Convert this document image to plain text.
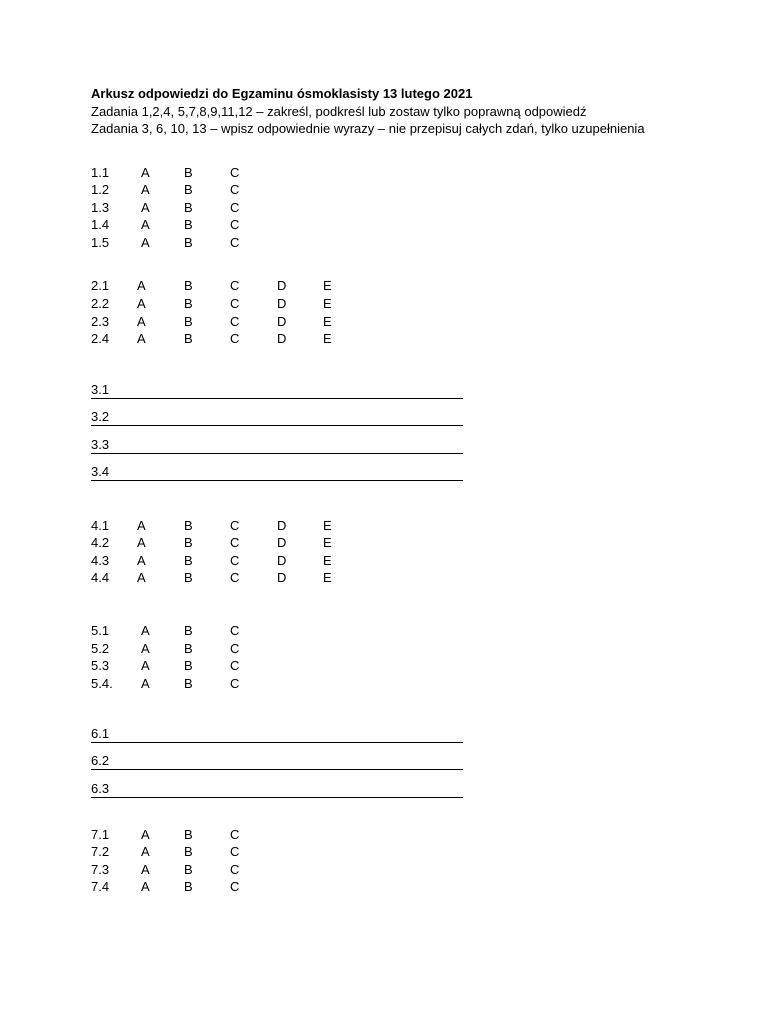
Arkusz odpowiedzi do Egzaminu ósmoklasisty 13 lutego 2021
Zadania 1,2,4, 5,7,8,9,11,12 – zakreśl, podkreśl lub zostaw tylko poprawną odpowiedź
Zadania 3, 6, 10, 13 – wpisz odpowiednie wyrazy – nie przepisuj całych zdań, tylko uzupełnienia
1.1 A	B	C
1.2 A	B	C
1.3 A	B	C
1.4 A	B	C
1.5 A	B	C
2.1 A	B	C	D	E
2.2 A	B	C	D	E
2.3 A	B	C	D	E
2.4 A	B	C	D	E
3.1
3.2
3.3
3.4
4.1 A	B	C	D	E
4.2 A	B	C	D	E
4.3 A	B	C	D	E
4.4 A	B	C	D	E
5.1 A	B	C
5.2 A	B	C
5.3 A	B	C
5.4. A	B	C
6.1
6.2
6.3
7.1 A	B	C
7.2 A	B	C
7.3 A	B	C
7.4 A	B	C
